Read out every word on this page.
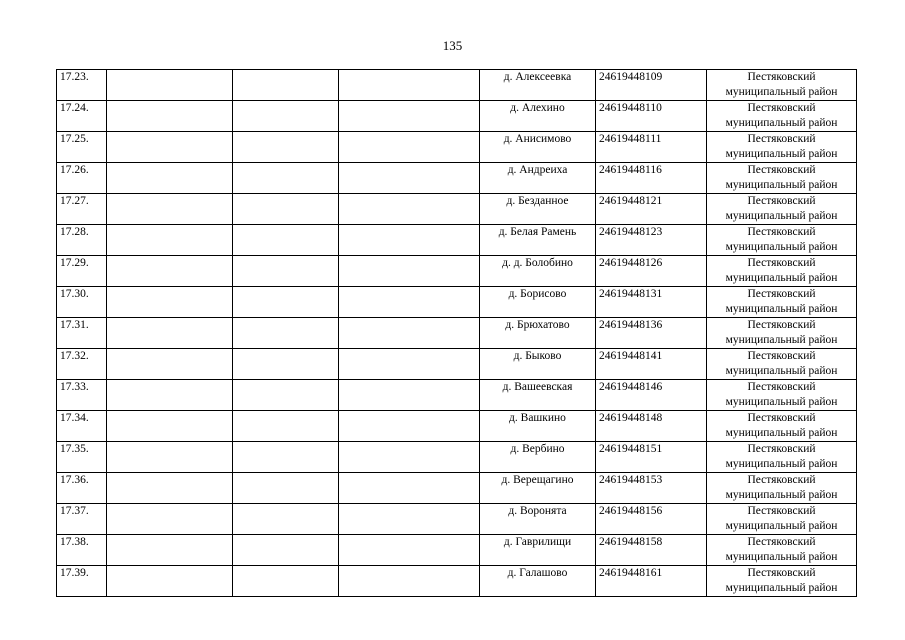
135
17.23.				д. Алексеевка	24619448109	Пестяковский
муниципальный район

17.24.				д. Алехино	24619448110	Пестяковский
муниципальный район

17.25.				д. Анисимово	24619448111	Пестяковский
муниципальный район

17.26.				д. Андреиха	24619448116	Пестяковский
муниципальный район

17.27.				д. Безданное	24619448121	Пестяковский
муниципальный район

17.28.				д. Белая Рамень	24619448123	Пестяковский
муниципальный район

17.29.				д. д. Болобино	24619448126	Пестяковский
муниципальный район

17.30.				д. Борисово	24619448131	Пестяковский
муниципальный район

17.31.				д. Брюхатово	24619448136	Пестяковский
муниципальный район

17.32.				д. Быково	24619448141	Пестяковский
муниципальный район

17.33.				д. Вашеевская	24619448146	Пестяковский
муниципальный район

17.34.				д. Вашкино	24619448148	Пестяковский
муниципальный район

17.35.				д. Вербино	24619448151	Пестяковский
муниципальный район

17.36.				д. Верещагино	24619448153	Пестяковский
муниципальный район

17.37.				д. Воронята	24619448156	Пестяковский
муниципальный район

17.38.				д. Гаврилищи	24619448158	Пестяковский
муниципальный район

17.39.				д. Галашово	24619448161	Пестяковский
муниципальный район
